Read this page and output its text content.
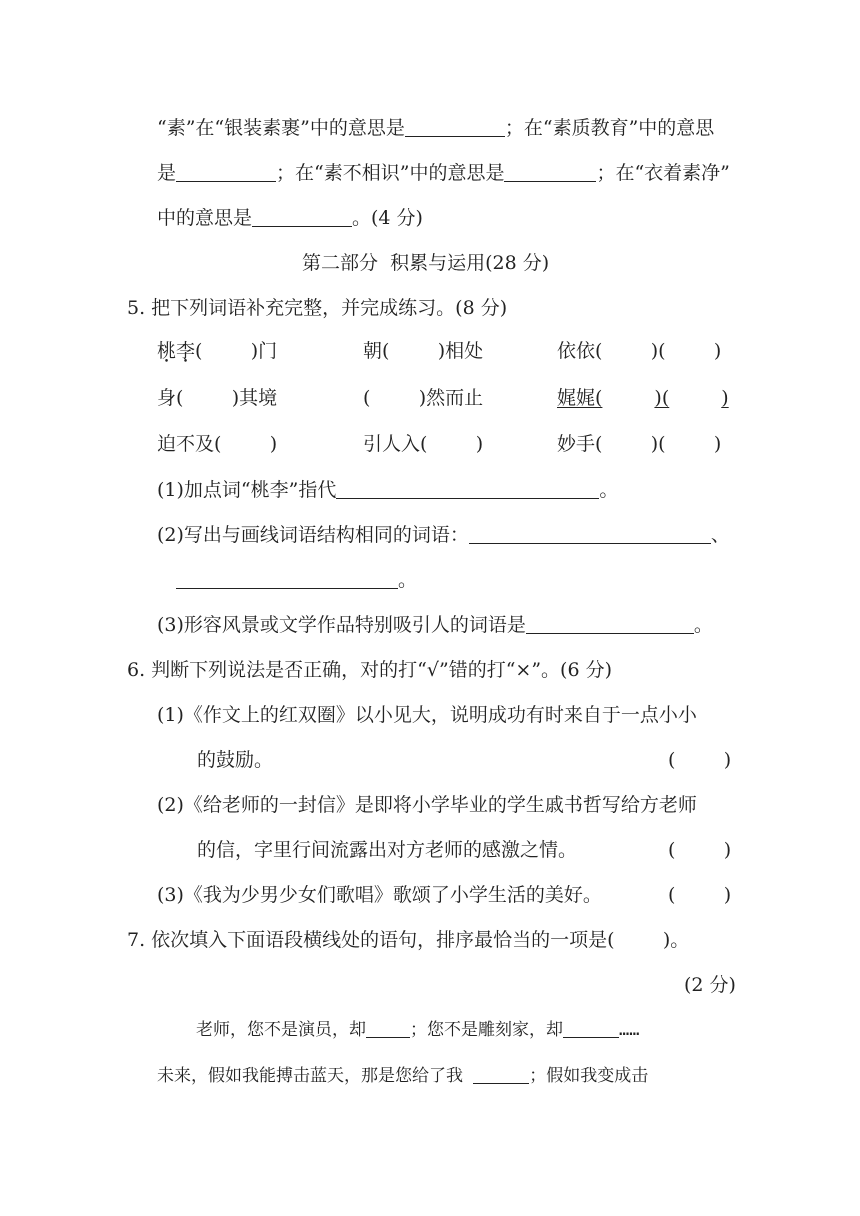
“素”在“银装素裹”中的意思是	；在“素质教育”中的意思
是	；在“素不相识”中的意思是	；在“衣着素净”
中的意思是	。(4 分)
第二部分  积累与运用(28 分)
5. 把下列词语补充完整，并完成练习。(8 分)
桃李(        )门	朝(        )相处	依依(        )(        )
身(        )其境	(        )然而止	娓娓(	)(	)
迫不及(        )	引人入(        )	妙手(        )(        )
(1)加点词“桃李”指代	。
(2)写出与画线词语结构相同的词语：	、
。
(3)形容风景或文学作品特别吸引人的词语是	。
6. 判断下列说法是否正确，对的打“√”错的打“×”。(6 分)
(1)《作文上的红双圈》以小见大，说明成功有时来自于一点小小
的鼓励。	(        )
(2)《给老师的一封信》是即将小学毕业的学生戚书哲写给方老师
的信，字里行间流露出对方老师的感激之情。	(        )
(3)《我为少男少女们歌唱》歌颂了小学生活的美好。	(        )
7. 依次填入下面语段横线处的语句，排序最恰当的一项是(        )。
(2 分)
老师，您不是演员，却	；您不是雕刻家，却	……
未来，假如我能搏击蓝天，那是您给了我	；假如我变成击
